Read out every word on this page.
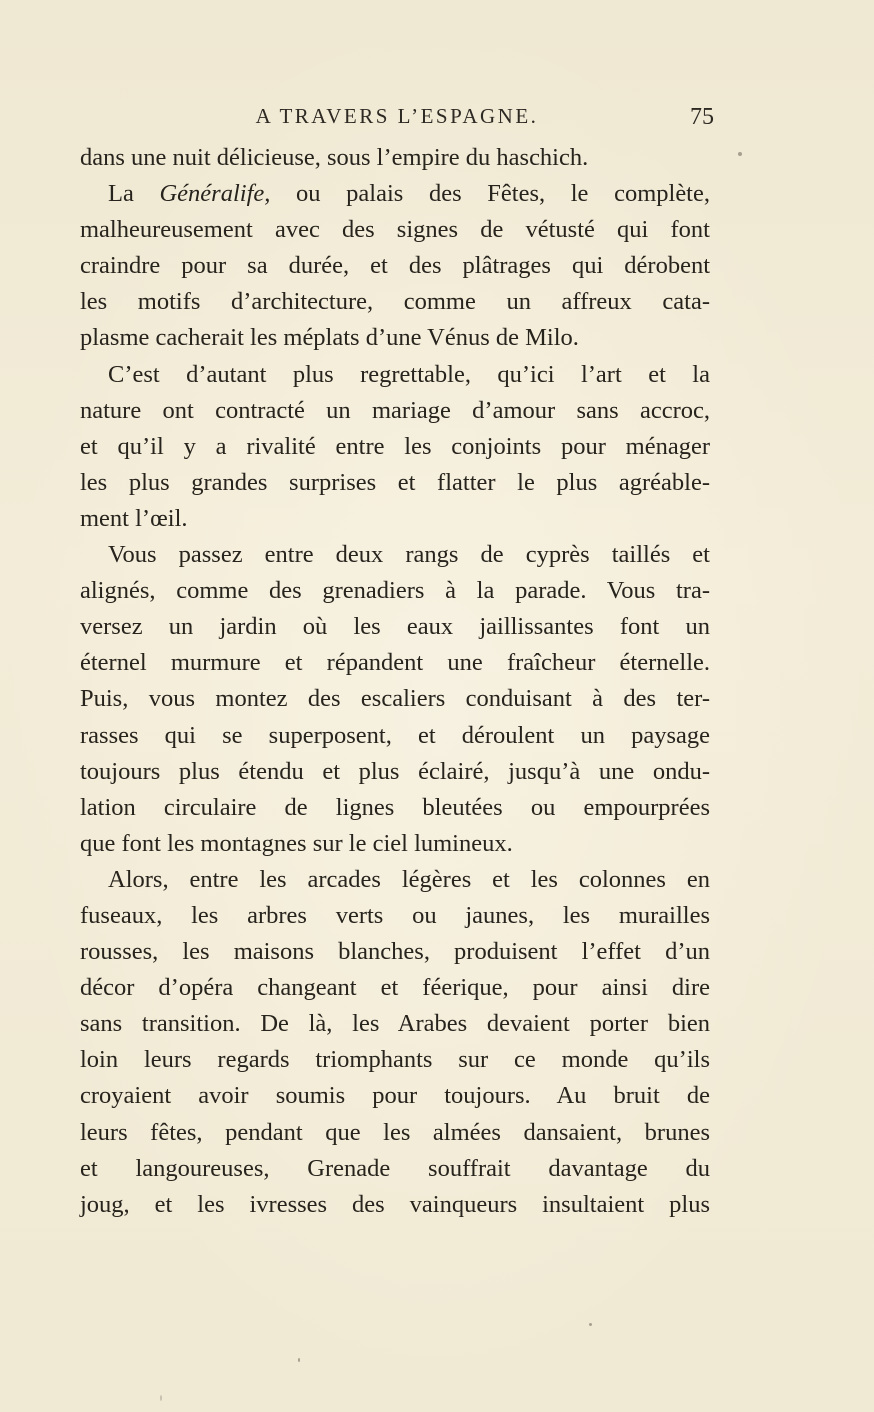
A TRAVERS L’ESPAGNE.	75
dans une nuit délicieuse, sous l’empire du haschich.
La Généralife, ou palais des Fêtes, le complète,
malheureusement avec des signes de vétusté qui font
craindre pour sa durée, et des plâtrages qui dérobent
les motifs d’architecture, comme un affreux cata-
plasme cacherait les méplats d’une Vénus de Milo.
C’est d’autant plus regrettable, qu’ici l’art et la
nature ont contracté un mariage d’amour sans accroc,
et qu’il y a rivalité entre les conjoints pour ménager
les plus grandes surprises et flatter le plus agréable-
ment l’œil.
Vous passez entre deux rangs de cyprès taillés et
alignés, comme des grenadiers à la parade. Vous tra-
versez un jardin où les eaux jaillissantes font un
éternel murmure et répandent une fraîcheur éternelle.
Puis, vous montez des escaliers conduisant à des ter-
rasses qui se superposent, et déroulent un paysage
toujours plus étendu et plus éclairé, jusqu’à une ondu-
lation circulaire de lignes bleutées ou empourprées
que font les montagnes sur le ciel lumineux.
Alors, entre les arcades légères et les colonnes en
fuseaux, les arbres verts ou jaunes, les murailles
rousses, les maisons blanches, produisent l’effet d’un
décor d’opéra changeant et féerique, pour ainsi dire
sans transition. De là, les Arabes devaient porter bien
loin leurs regards triomphants sur ce monde qu’ils
croyaient avoir soumis pour toujours. Au bruit de
leurs fêtes, pendant que les almées dansaient, brunes
et langoureuses, Grenade souffrait davantage du
joug, et les ivresses des vainqueurs insultaient plus
